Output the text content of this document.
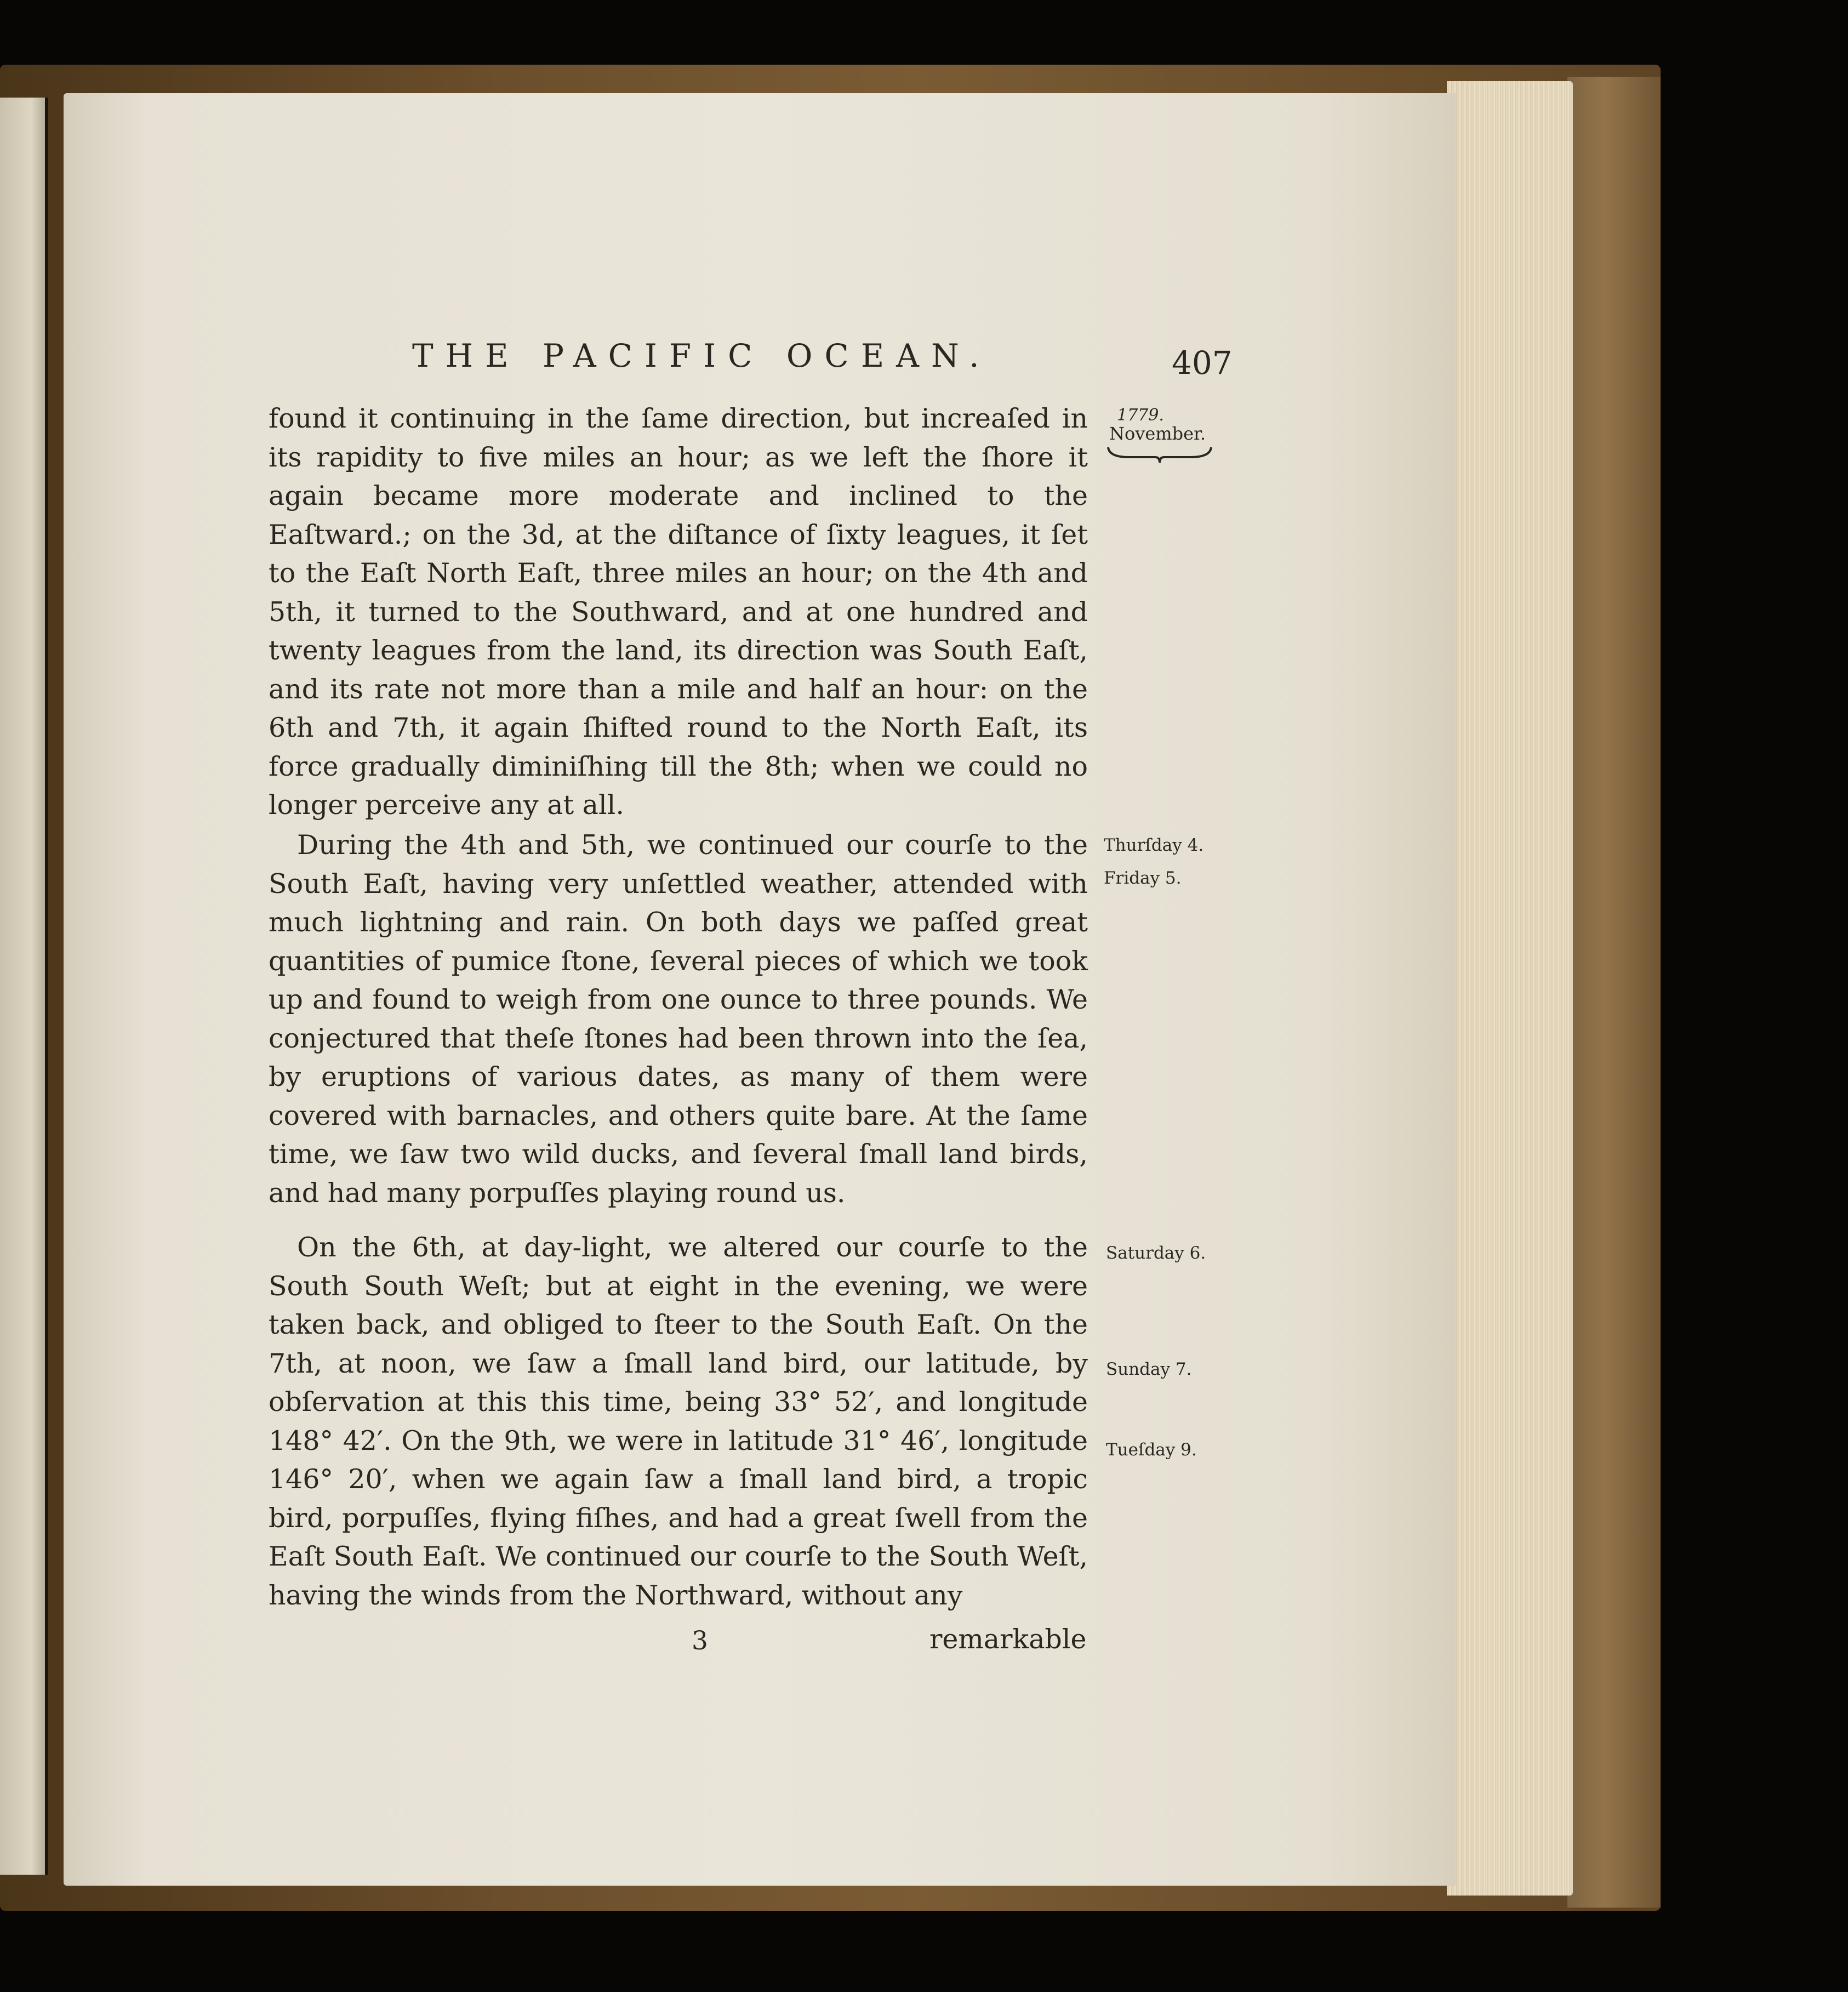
THE PACIFIC OCEAN.	407
1779.
November.

found it continuing in the ſame direction, but increaſed in its rapidity to five miles an hour; as we left the ſhore it again became more moderate and inclined to the Eaſtward.; on the 3d, at the diſtance of ſixty leagues, it ſet to the Eaſt North Eaſt, three miles an hour; on the 4th and 5th, it turned to the Southward, and at one hundred and twenty leagues from the land, its direction was South Eaſt, and its rate not more than a mile and half an hour: on the 6th and 7th, it again ſhifted round to the North Eaſt, its force gradually diminiſhing till the 8th; when we could no longer perceive any at all.

During the 4th and 5th, we continued our courſe to the South Eaſt, having very unſettled weather, attended with much lightning and rain. On both days we paſſed great quantities of pumice ſtone, ſeveral pieces of which we took up and found to weigh from one ounce to three pounds. We conjectured that theſe ſtones had been thrown into the ſea, by eruptions of various dates, as many of them were covered with barnacles, and others quite bare. At the ſame time, we ſaw two wild ducks, and ſeveral ſmall land birds, and had many porpuſſes playing round us.

On the 6th, at day-light, we altered our courſe to the South South Weſt; but at eight in the evening, we were taken back, and obliged to ſteer to the South Eaſt. On the 7th, at noon, we ſaw a ſmall land bird, our latitude, by obſervation at this this time, being 33° 52′, and longitude 148° 42′. On the 9th, we were in latitude 31° 46′, longitude 146° 20′, when we again ſaw a ſmall land bird, a tropic bird, porpuſſes, flying fiſhes, and had a great ſwell from the Eaſt South Eaſt. We continued our courſe to the South Weſt, having the winds from the Northward, without any

Thurſday 4.
Friday 5.
Saturday 6.
Sunday 7.
Tueſday 9.
3	remarkable
